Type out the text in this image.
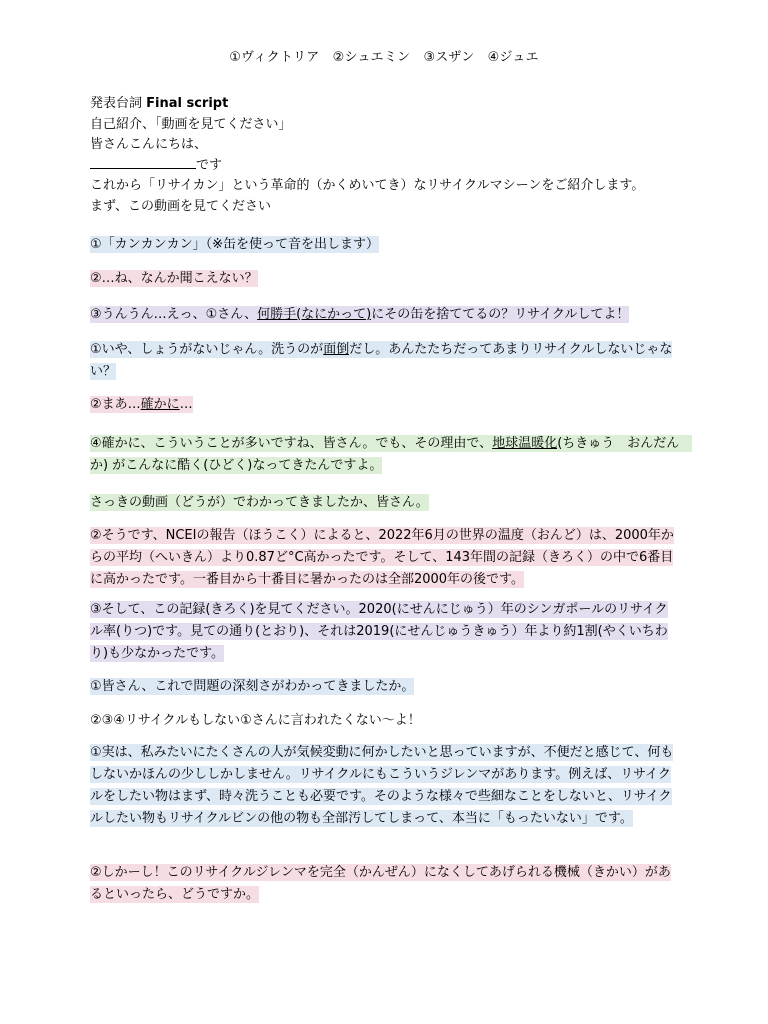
①ヴィクトリア　②シュエミン　③スザン　④ジュエ
発表台詞 Final script
自己紹介、「動画を見てください」
皆さんこんにちは、
です
これから「リサイカン」という革命的（かくめいてき）なリサイクルマシーンをご紹介します。
まず、この動画を見てください
①「カンカンカン」（※缶を使って音を出します）
②…ね、なんか聞こえない？
③うんうん…えっ、①さん、何勝手(なにかって)にその缶を捨ててるの？リサイクルしてよ！
①いや、しょうがないじゃん。洗うのが面倒だし。あんたたちだってあまりリサイクルしないじゃない？
②まあ…確かに…
④確かに、こういうことが多いですね、皆さん。でも、その理由で、地球温暖化(ちきゅう　おんだん　か) がこんなに酷く(ひどく)なってきたんですよ。
さっきの動画（どうが）でわかってきましたか、皆さん。
②そうです、NCEIの報告（ほうこく）によると、2022年6月の世界の温度（おんど）は、2000年からの平均（へいきん）より0.87ど°C高かったです。そして、143年間の記録（きろく）の中で6番目に高かったです。一番目から十番目に暑かったのは全部2000年の後です。
③そして、この記録(きろく)を見てください。2020(にせんにじゅう）年のシンガポールのリサイクル率(りつ)です。見ての通り(とおり)、それは2019(にせんじゅうきゅう）年より約1割(やくいちわり)も少なかったです。
①皆さん、これで問題の深刻さがわかってきましたか。
②③④リサイクルもしない①さんに言われたくない〜よ！
①実は、私みたいにたくさんの人が気候変動に何かしたいと思っていますが、不便だと感じて、何もしないかほんの少ししかしません。リサイクルにもこういうジレンマがあります。例えば、リサイクルをしたい物はまず、時々洗うことも必要です。そのような様々で些細なことをしないと、リサイクルしたい物もリサイクルビンの他の物も全部汚してしまって、本当に「もったいない」です。
②しかーし！このリサイクルジレンマを完全（かんぜん）になくしてあげられる機械（きかい）があるといったら、どうですか。
